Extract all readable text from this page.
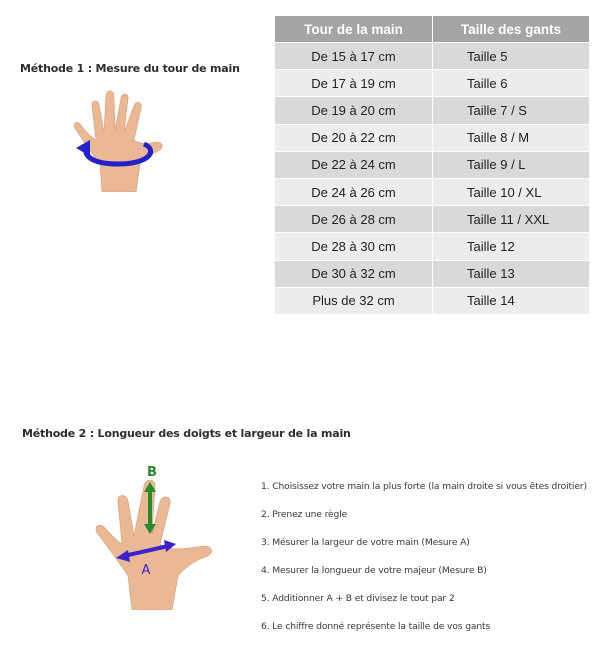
Méthode 1 : Mesure du tour de main
Tour de la main	Taille des gants
De 15 à 17 cm	Taille 5
De 17 à 19 cm	Taille 6
De 19 à 20 cm	Taille 7 / S
De 20 à 22 cm	Taille 8 / M
De 22 à 24 cm	Taille 9 / L
De 24 à 26 cm	Taille 10 / XL
De 26 à 28 cm	Taille 11 / XXL
De 28 à 30 cm	Taille 12
De 30 à 32 cm	Taille 13
Plus de 32 cm	Taille 14
Méthode 2 : Longueur des doigts et largeur de la main
B
A
1. Choisissez votre main la plus forte (la main droite si vous êtes droitier)
2. Prenez une règle
3. Mésurer la largeur de votre main (Mesure A)
4. Mesurer la longueur de votre majeur (Mesure B)
5. Additionner A + B et divisez le tout par 2
6. Le chiffre donné représente la taille de vos gants
